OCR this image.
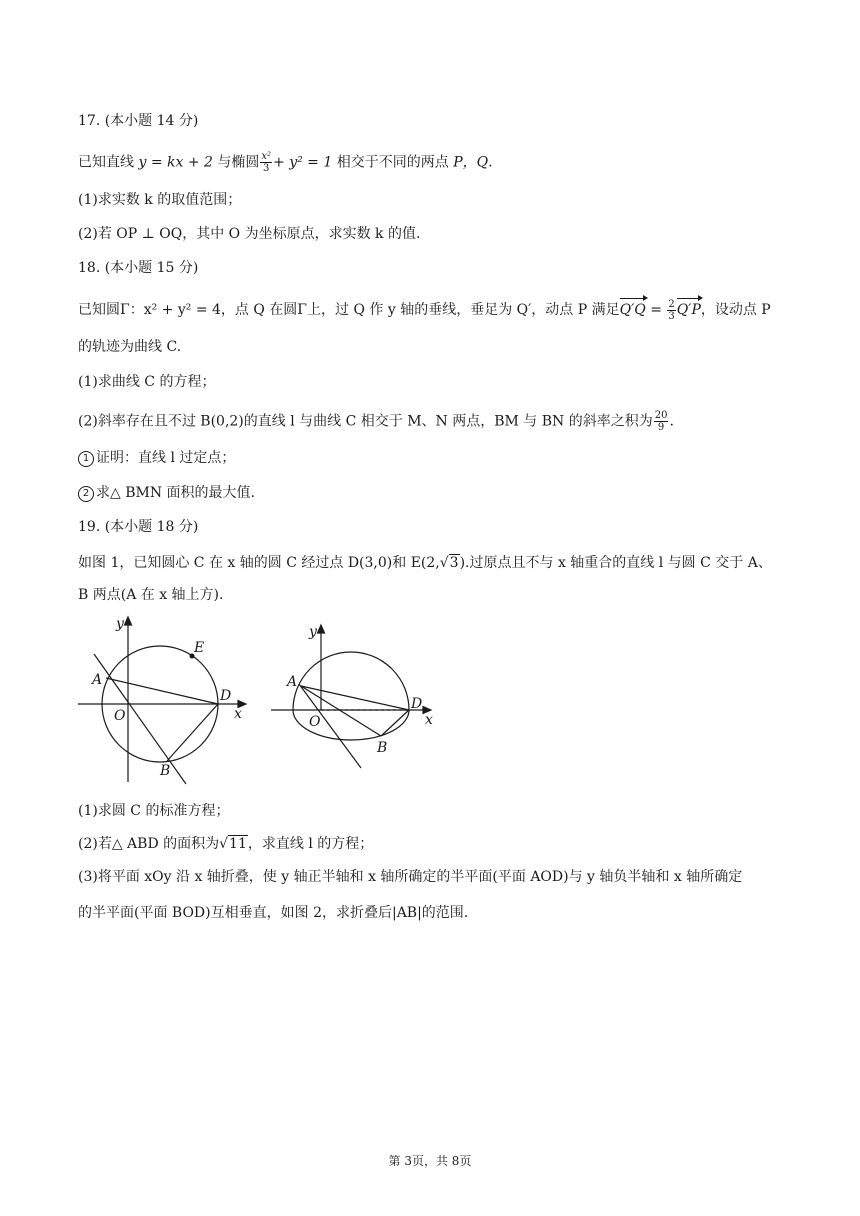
17. (本小题 14 分)
已知直线 y = kx + 2 与椭圆 $\frac{\text{x²}}{3} + y^2 = 1$ 相交于不同的两点 P，Q.
(1)求实数 k 的取值范围；
(2)若 OP ⊥ OQ，其中 O 为坐标原点，求实数 k 的值.
18. (本小题 15 分)
已知圆Γ：x² + y² = 4，点 Q 在圆Γ上，过 Q 作 y 轴的垂线，垂足为 Q′，动点 P 满足$Q'Q = \frac{2}{3} Q'P$，设动点 P
的轨迹为曲线 C.
(1)求曲线 C 的方程；
(2)斜率存在且不过 B(0,2)的直线 l 与曲线 C 相交于 M、N 两点，BM 与 BN 的斜率之积为 $\frac{20}{9}$ .
1 证明：直线 l 过定点；
2 求△ BMN 面积的最大值.
19. (本小题 18 分)
如图 1，已知圆心 C 在 x 轴的圆 C 经过点 D(3,0)和 E(2,√3).过原点且不与 x 轴重合的直线 l 与圆 C 交于 A、
B 两点(A 在 x 轴上方).
y
x
O
A
B
D
E
y
x
O
A
B
D
(1)求圆 C 的标准方程；
(2)若△ ABD 的面积为√11，求直线 l 的方程；
(3)将平面 xOy 沿 x 轴折叠，使 y 轴正半轴和 x 轴所确定的半平面(平面 AOD)与 y 轴负半轴和 x 轴所确定
的半平面(平面 BOD)互相垂直，如图 2，求折叠后|AB|的范围.
第 3页，共 8页
